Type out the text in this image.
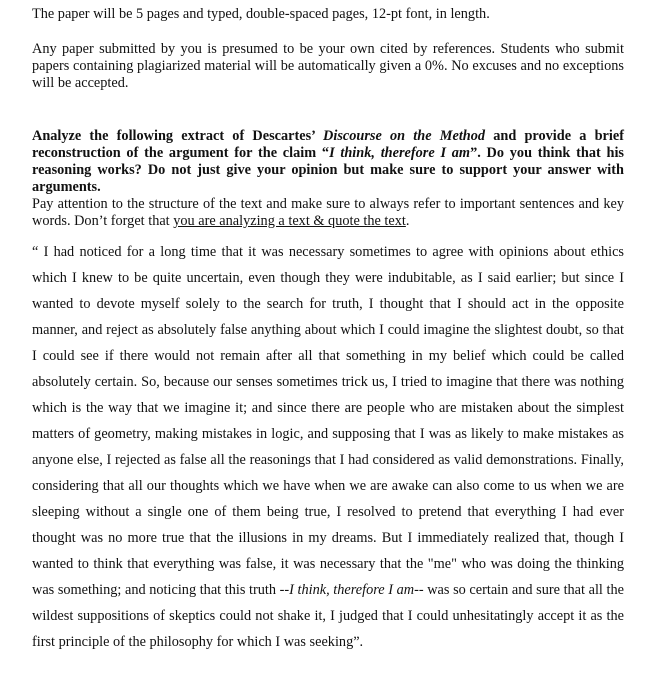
The paper will be 5 pages and typed, double-spaced pages, 12-pt font, in length.

Any paper submitted by you is presumed to be your own cited by references. Students who submit papers containing plagiarized material will be automatically given a 0%. No excuses and no exceptions will be accepted.

Analyze the following extract of Descartes’ Discourse on the Method and provide a brief reconstruction of the argument for the claim “I think, therefore I am”. Do you think that his reasoning works? Do not just give your opinion but make sure to support your answer with arguments.

Pay attention to the structure of the text and make sure to always refer to important sentences and key words. Don’t forget that you are analyzing a text & quote the text.

“ I had noticed for a long time that it was necessary sometimes to agree with opinions about ethics which I knew to be quite uncertain, even though they were indubitable, as I said earlier; but since I wanted to devote myself solely to the search for truth, I thought that I should act in the opposite manner, and reject as absolutely false anything about which I could imagine the slightest doubt, so that I could see if there would not remain after all that something in my belief which could be called absolutely certain. So, because our senses sometimes trick us, I tried to imagine that there was nothing which is the way that we imagine it; and since there are people who are mistaken about the simplest matters of geometry, making mistakes in logic, and supposing that I was as likely to make mistakes as anyone else, I rejected as false all the reasonings that I had considered as valid demonstrations. Finally, considering that all our thoughts which we have when we are awake can also come to us when we are sleeping without a single one of them being true, I resolved to pretend that everything I had ever thought was no more true that the illusions in my dreams. But I immediately realized that, though I wanted to think that everything was false, it was necessary that the "me" who was doing the thinking was something; and noticing that this truth --I think, therefore I am-- was so certain and sure that all the wildest suppositions of skeptics could not shake it, I judged that I could unhesitatingly accept it as the first principle of the philosophy for which I was seeking”.
